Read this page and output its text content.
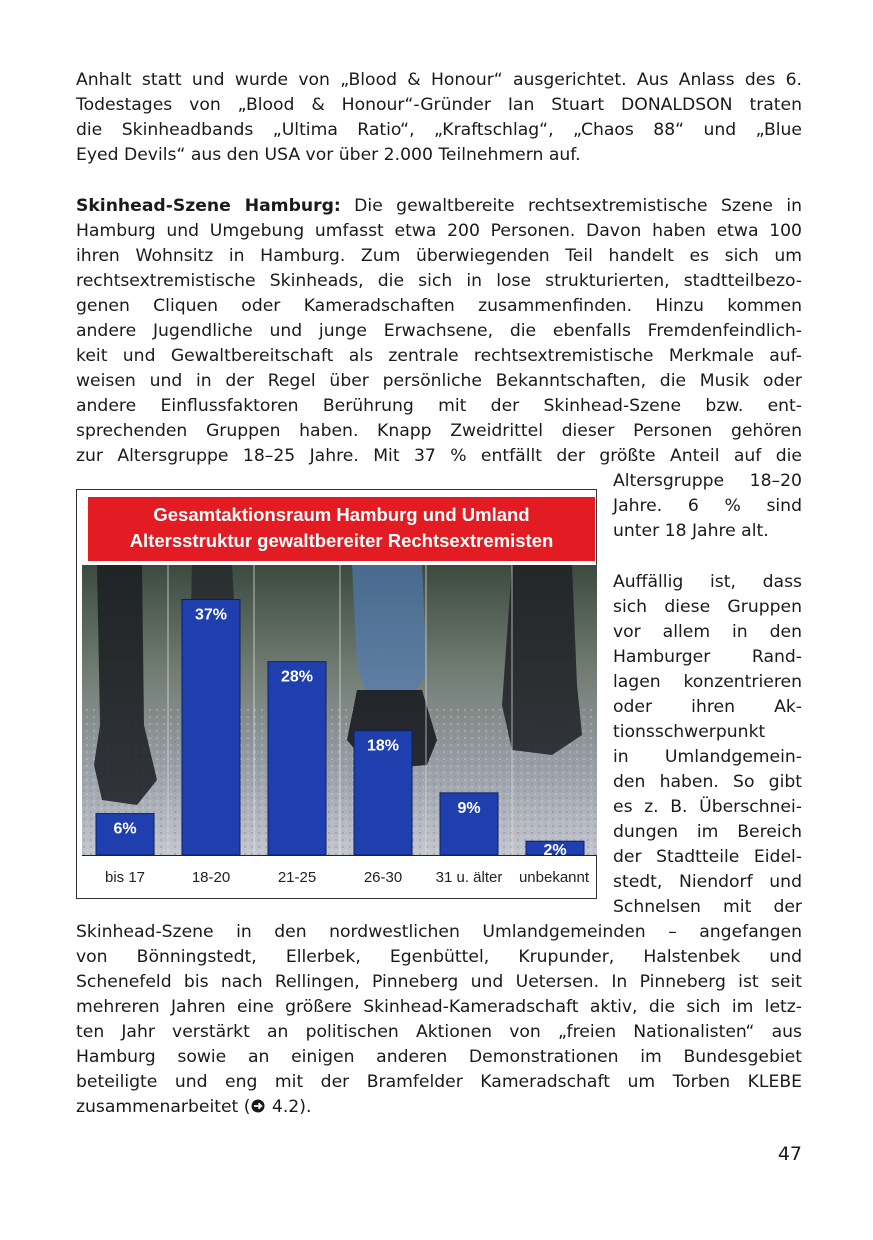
Anhalt statt und wurde von „Blood & Honour“ ausgerichtet. Aus Anlass des 6.
Todestages von „Blood & Honour“-Gründer Ian Stuart DONALDSON traten
die Skinheadbands „Ultima Ratio“, „Kraftschlag“, „Chaos 88“ und „Blue
Eyed Devils“ aus den USA vor über 2.000 Teilnehmern auf.
Skinhead-Szene Hamburg: Die gewaltbereite rechtsextremistische Szene in
Hamburg und Umgebung umfasst etwa 200 Personen. Davon haben etwa 100
ihren Wohnsitz in Hamburg. Zum überwiegenden Teil handelt es sich um
rechtsextremistische Skinheads, die sich in lose strukturierten, stadtteilbezo-
genen Cliquen oder Kameradschaften zusammenfinden. Hinzu kommen
andere Jugendliche und junge Erwachsene, die ebenfalls Fremdenfeindlich-
keit und Gewaltbereitschaft als zentrale rechtsextremistische Merkmale auf-
weisen und in der Regel über persönliche Bekanntschaften, die Musik oder
andere Einflussfaktoren Berührung mit der Skinhead-Szene bzw. ent-
sprechenden Gruppen haben. Knapp Zweidrittel dieser Personen gehören
zur Altersgruppe 18–25 Jahre. Mit 37 % entfällt der größte Anteil auf die
Altersgruppe 18–20
Jahre. 6 % sind
unter 18 Jahre alt.
Auffällig ist, dass
sich diese Gruppen
vor allem in den
Hamburger Rand-
lagen konzentrieren
oder ihren Ak-
tionsschwerpunkt
in Umlandgemein-
den haben. So gibt
es z. B. Überschnei-
dungen im Bereich
der Stadtteile Eidel-
stedt, Niendorf und
Schnelsen mit der
Skinhead-Szene in den nordwestlichen Umlandgemeinden – angefangen
von Bönningstedt, Ellerbek, Egenbüttel, Krupunder, Halstenbek und
Schenefeld bis nach Rellingen, Pinneberg und Uetersen. In Pinneberg ist seit
mehreren Jahren eine größere Skinhead-Kameradschaft aktiv, die sich im letz-
ten Jahr verstärkt an politischen Aktionen von „freien Nationalisten“ aus
Hamburg sowie an einigen anderen Demonstrationen im Bundesgebiet
beteiligte und eng mit der Bramfelder Kameradschaft um Torben KLEBE
zusammenarbeitet ( 4.2).
Gesamtaktionsraum Hamburg und Umland
Altersstruktur gewaltbereiter Rechtsextremisten
6%
37%
28%
18%
9%
2%
bis 17	18-20	21-25	26-30	31 u. älter	unbekannt
47
